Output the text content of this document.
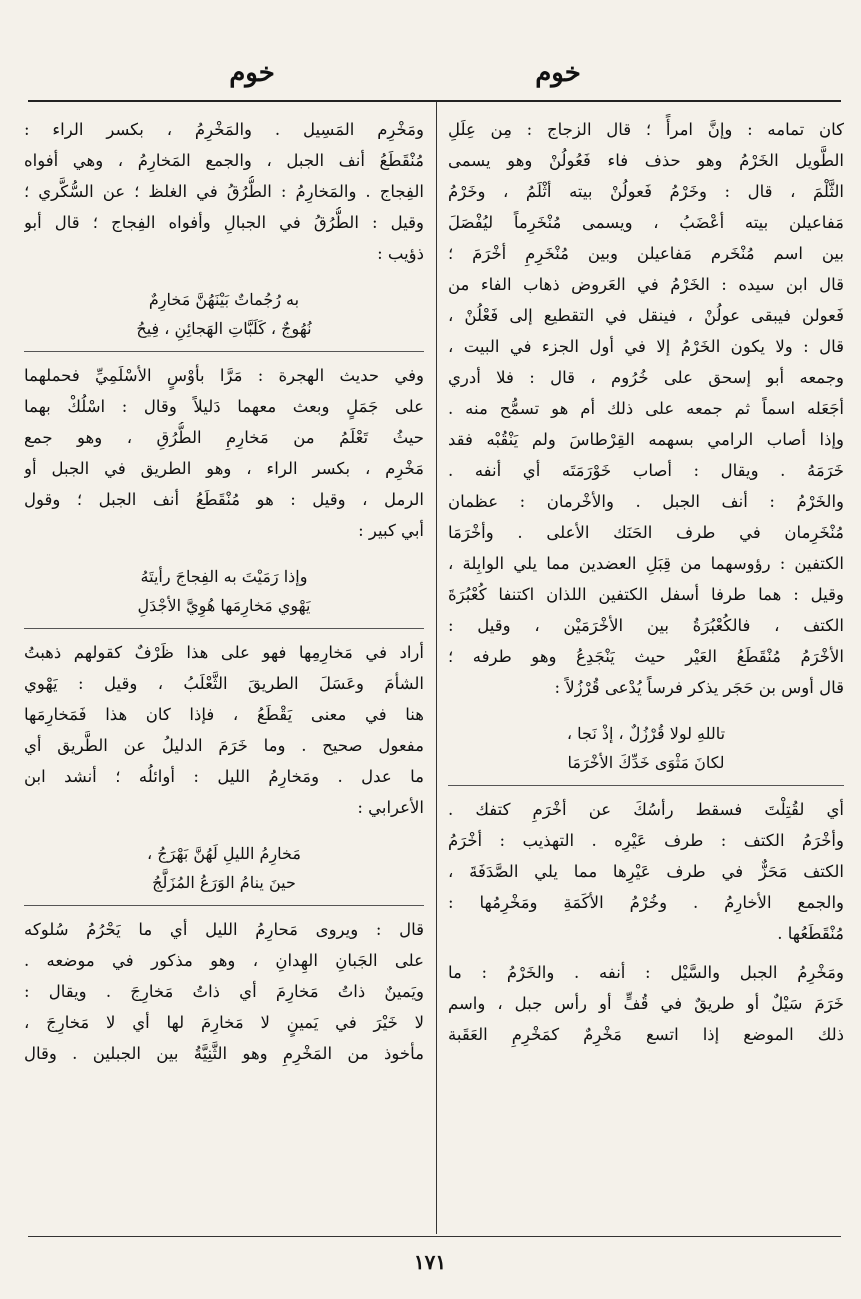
خوم
خوم
كان تمامه : وإنَّ امرأً ؛ قال الزجاج : مِن عِلَلِ
الطَّويل الخَرْمُ وهو حذف فاء فَعُولُنْ وهو يسمى
الثَّلْمَ ، قال : وخَرْمُ فَعولُنْ بيته أثْلَمُ ، وخَرْمُ
مَفاعيلن بيته أعْضَبُ ، ويسمى مُنْخَرِماً ليُفْصَلَ
بين اسم مُنْخَرم مَفاعيلن وبين مُنْخَرِمِ أخْرَمَ ؛
قال ابن سيده : الخَرْمُ في العَروض ذهاب الفاء من
فَعولن فيبقى عولُنْ ، فينقل في التقطيع إلى فَعْلُنْ ،
قال : ولا يكون الخَرْمُ إلا في أول الجزء في البيت ،
وجمعه أبو إسحق على خُرُوم ، قال : فلا أدري
أجَعَله اسماً ثم جمعه على ذلك أم هو تسمُّح منه .
وإذا أصاب الرامي بسهمه القِرْطاسَ ولم يَنْقُبْه فقد
خَرَمَهُ . ويقال : أصاب خَوْرَمَتَه أي أنفه .
والخَرْمُ : أنف الجبل . والأخْرمان : عظمان
مُنْخَرِمان في طرف الحَنَك الأعلى . وأخْرَمَا
الكتفين : رؤوسهما من قِبَلِ العضدين مما يلي الوابِلة ،
وقيل : هما طرفا أسفل الكتفين اللذان اكتنفا كُعْبُرَةَ
الكتف ، فالكُعْبُرَةُ بين الأخْرَمَيْن ، وقيل :
الأخْرَمُ مُنْقَطَعُ العَيْر حيث يَنْجَدِعُ وهو طرفه ؛
قال أوس بن حَجَر يذكر فرساً يُدْعى قُرْزُلاً :
تاللهِ لولا قُرْزُلٌ ، إذْ نَجا ،
لكانَ مَثْوَى خَدِّكَ الأخْرَمَا
أي لقُتِلْتَ فسقط رأسُكَ عن أخْرَمِ كتفك .
وأخْرَمُ الكتف : طرف عَيْرِه . التهذيب : أخْرَمُ
الكتف مَحَزٌّ في طرف عَيْرِها مما يلي الصَّدَفَةَ ،
والجمع الأخارِمُ . وخُرْمُ الأكَمَةِ ومَخْرِمُها :
مُنْقَطَعُها .
ومَخْرِمُ الجبل والسَّيْل : أنفه . والخَرْمُ : ما
خَرَمَ سَيْلٌ أو طريقٌ في قُفٍّ أو رأس جبل ، واسم
ذلك الموضع إذا اتسع مَخْرِمٌ كمَخْرِمِ العَقَبة
ومَخْرِم المَسِيل . والمَخْرِمُ ، بكسر الراء :
مُنْقَطَعُ أنف الجبل ، والجمع المَخارِمُ ، وهي أفواه
الفِجاج . والمَخارِمُ : الطُّرُقُ في الغلظ ؛ عن السُّكَّري ؛
وقيل : الطُّرُقُ في الجبالِ وأفواه الفِجاج ؛ قال أبو
ذؤيب :
به رُجُماتٌ بَيْنَهُنَّ مَخارِمٌ
نُهُوجٌ ، كَلَبَّاتِ الهَجائِنِ ، فِيحُ
وفي حديث الهجرة : مَرَّا بأوْسٍ الأسْلَمِيِّ فحملهما
على جَمَلٍ وبعث معهما دَليلاً وقال : اسْلُكْ بهما
حيثُ تَعْلَمُ من مَخارِمِ الطُّرُقِ ، وهو جمع
مَخْرِم ، بكسر الراء ، وهو الطريق في الجبل أو
الرمل ، وقيل : هو مُنْقَطَعُ أنف الجبل ؛ وقول
أبي كبير :
وإذا رَمَيْتَ به الفِجاجَ رأيتَهُ
يَهْوي مَخارِمَها هُوِيَّ الأجْدَلِ
أراد في مَخارِمِها فهو على هذا ظَرْفٌ كقولهم ذهبتُ
الشأمَ وعَسَلَ الطريقَ الثَّعْلَبُ ، وقيل : يَهْوي
هنا في معنى يَقْطَعُ ، فإذا كان هذا فَمَخارِمَها
مفعول صحيح . وما خَرَمَ الدليلُ عن الطَّريق أي
ما عدل . ومَخارِمُ الليل : أوائلُه ؛ أنشد ابن
الأعرابي :
مَخارِمُ الليلِ لَهُنَّ بَهْرَجُ ،
حينَ ينامُ الوَرَعُ المُزَلَّجُ
قال : ويروى مَحارِمُ الليل أي ما يَحْرُمُ سُلوكه
على الجَبانِ الهِدانِ ، وهو مذكور في موضعه .
ويَمينٌ ذاتُ مَخارِمَ أي ذاتُ مَخارِجَ . ويقال :
لا خَيْرَ في يَمينٍ لا مَخارِمَ لها أي لا مَخارِجَ ،
مأخوذ من المَخْرِمِ وهو الثَّنِيَّةُ بين الجبلين . وقال
١٧١
